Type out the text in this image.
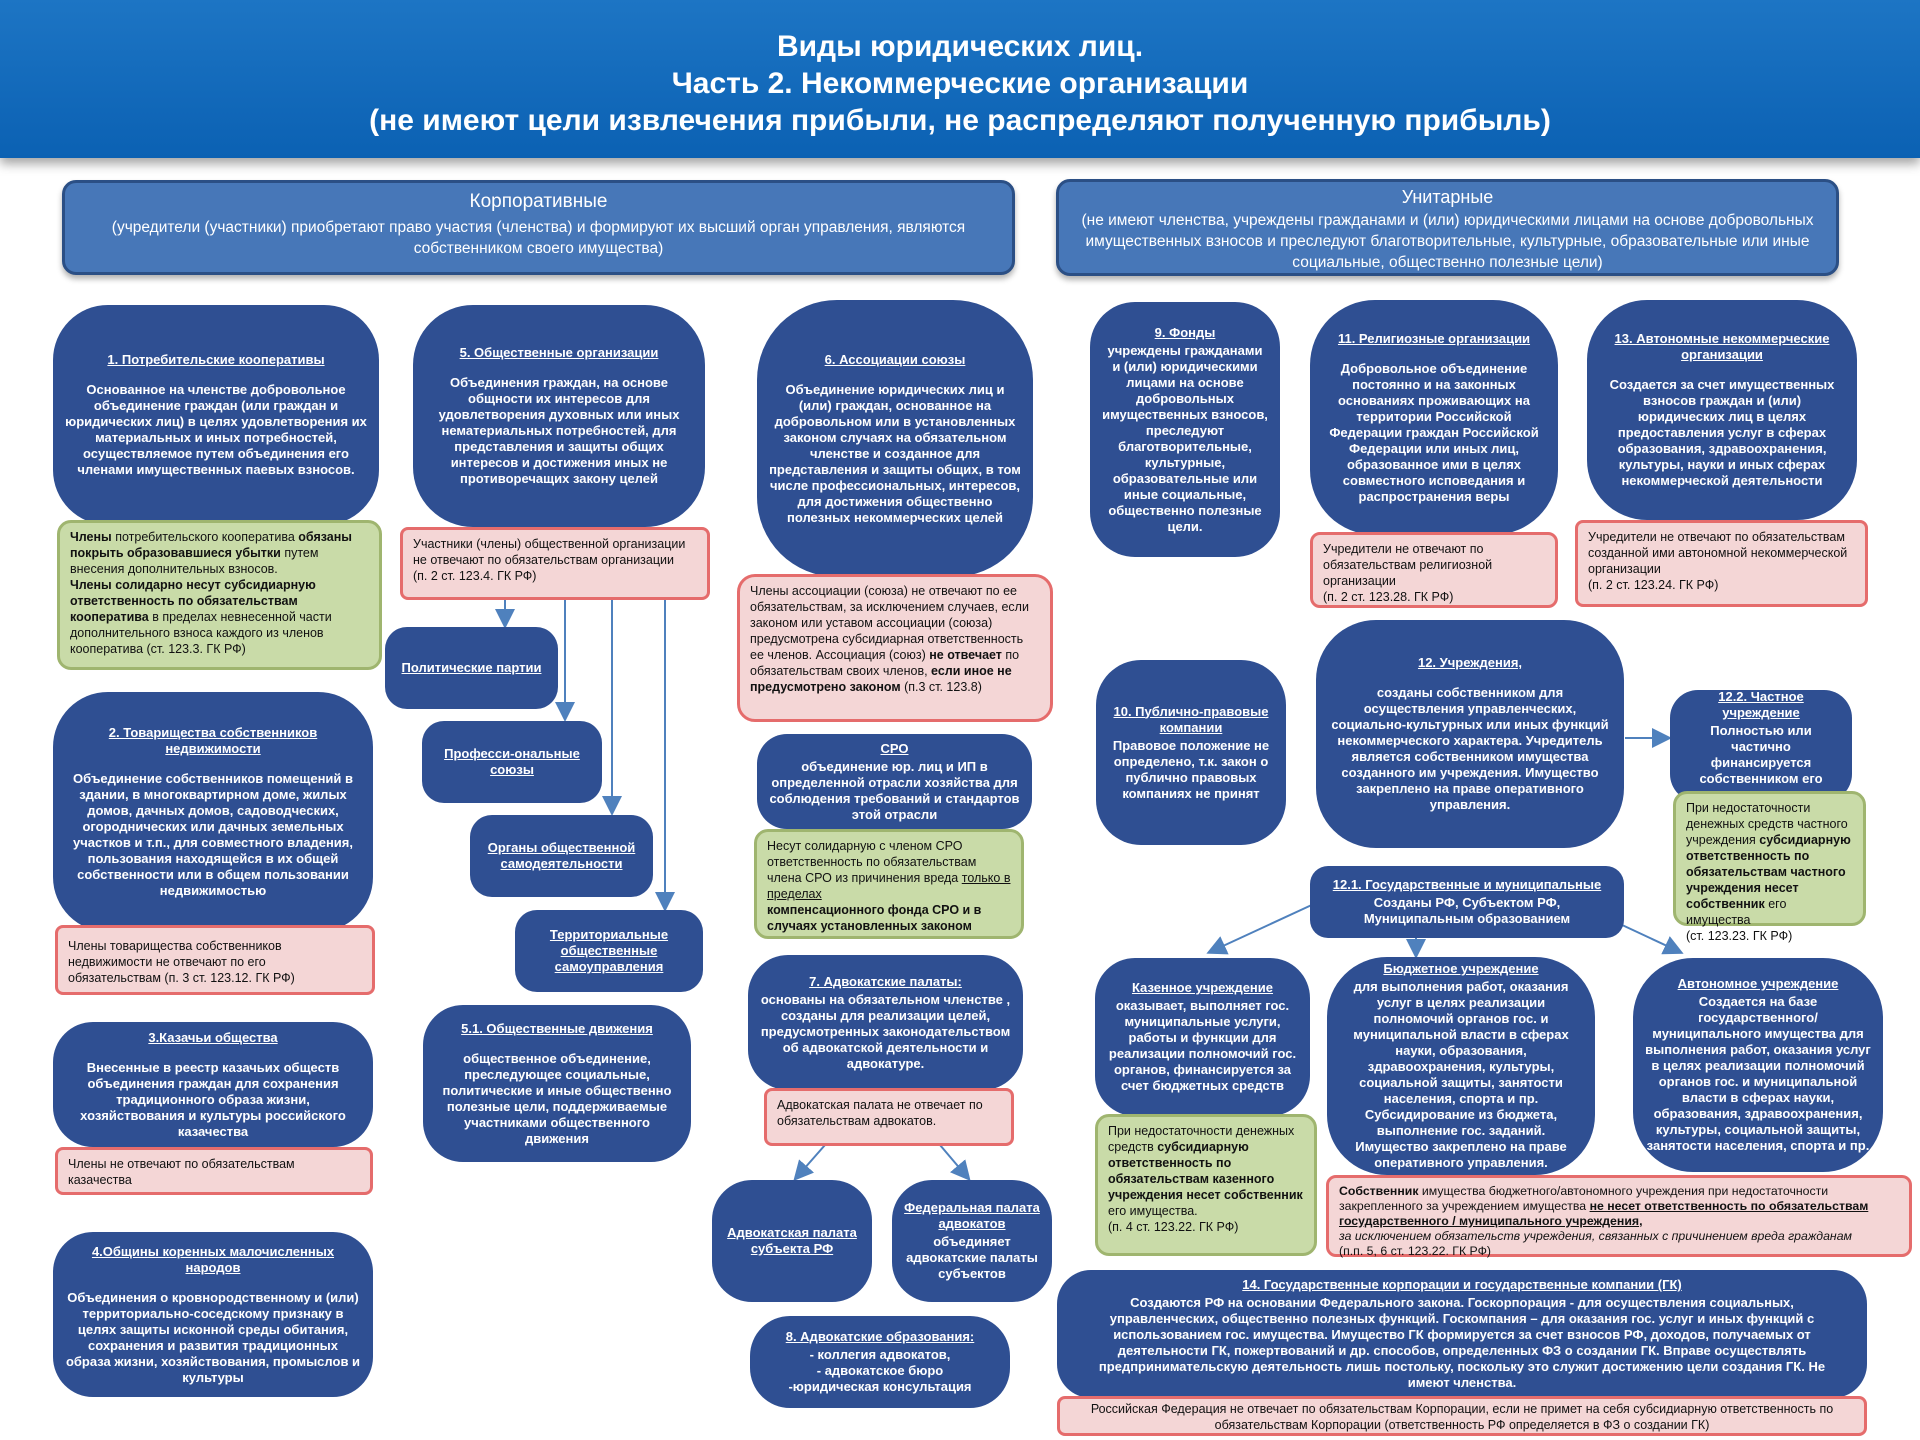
Виды юридических лиц.
Часть 2. Некоммерческие организации
(не имеют цели извлечения прибыли, не распределяют полученную прибыль)
Корпоративные
(учредители (участники) приобретают право участия (членства) и формируют их высший орган управления, являются собственником своего имущества)
Унитарные
(не имеют членства, учреждены гражданами и (или) юридическими лицами на основе добровольных имущественных взносов и преследуют благотворительные, культурные, образовательные или иные социальные, общественно полезные цели)
1. Потребительские кооперативы
Основанное на членстве добровольное объединение граждан (или граждан и юридических лиц) в целях удовлетворения их материальных и иных потребностей, осуществляемое путем объединения его членами имущественных паевых взносов.
Члены потребительского кооператива обязаны покрыть образовавшиеся убытки путем внесения дополнительных взносов.
Члены солидарно несут субсидиарную ответственность по обязательствам кооператива в пределах невнесенной части дополнительного взноса каждого из членов кооператива (ст. 123.3. ГК РФ)
2. Товарищества собственников недвижимости
Объединение собственников помещений в здании, в многоквартирном доме, жилых домов, дачных домов, садоводческих, огороднических или дачных земельных участков и т.п., для совместного владения, пользования находящейся в их общей собственности или в общем пользовании недвижимостью
Члены товарищества собственников недвижимости не отвечают по его обязательствам (п. 3 ст. 123.12. ГК РФ)
3.Казачьи общества
Внесенные в реестр казачьих обществ объединения граждан для сохранения традиционного образа жизни, хозяйствования и культуры российского казачества
Члены не отвечают по обязательствам казачества
4.Общины коренных малочисленных народов
Объединения о кровнородственному и (или) территориально-соседскому признаку в целях защиты исконной среды обитания, сохранения и развития традиционных образа жизни, хозяйствования, промыслов и культуры
5. Общественные организации
Объединения граждан, на основе общности их интересов для удовлетворения духовных или иных нематериальных потребностей, для представления и защиты общих интересов и достижения иных не противоречащих закону целей
Участники (члены) общественной организации не отвечают по обязательствам организации
(п. 2 ст. 123.4. ГК РФ)
Политические партии
Професси-ональные союзы
Органы общественной самодеятельности
Территориальные общественные самоуправления
5.1. Общественные движения
общественное объединение, преследующее социальные, политические и иные общественно полезные цели, поддерживаемые участниками общественного движения
6. Ассоциации союзы
Объединение юридических лиц и (или) граждан, основанное на добровольном или в установленных законом случаях на обязательном членстве и созданное для представления и защиты общих, в том числе профессиональных, интересов, для достижения общественно полезных некоммерческих целей
Члены ассоциации (союза) не отвечают по ее обязательствам, за исключением случаев, если законом или уставом ассоциации (союза) предусмотрена субсидиарная ответственность ее членов. Ассоциация (союз) не отвечает по обязательствам своих членов, если иное не предусмотрено законом (п.3 ст. 123.8)
СРО
объединение юр. лиц и ИП в определенной отрасли хозяйства для соблюдения требований и стандартов этой отрасли
Несут солидарную с членом СРО ответственность по обязательствам члена СРО из причинения вреда только в пределах
компенсационного фонда СРО и в случаях установленных законом
7. Адвокатские палаты:
основаны на обязательном членстве , созданы для реализации целей, предусмотренных законодательством об адвокатской деятельности и адвокатуре.
Адвокатская палата не отвечает по обязательствам адвокатов.
Адвокатская палата субъекта РФ
Федеральная палата адвокатов
объединяет адвокатские палаты субъектов
8. Адвокатские образования:
- коллегия адвокатов,
- адвокатское бюро
-юридическая консультация
9. Фонды
учреждены гражданами и (или) юридическими лицами на основе добровольных имущественных взносов, преследуют благотворительные, культурные, образовательные или иные социальные, общественно полезные цели.
10. Публично-правовые компании
Правовое положение не определено, т.к. закон о публично правовых компаниях не принят
11. Религиозные организации
Добровольное объединение постоянно и на законных основаниях проживающих на территории Российской Федерации граждан Российской Федерации или иных лиц, образованное ими в целях совместного исповедания и распространения веры
Учредители не отвечают по обязательствам религиозной организации
(п. 2 ст. 123.28. ГК РФ)
12. Учреждения,
созданы собственником для осуществления управленческих, социально-культурных или иных функций некоммерческого характера. Учредитель является собственником имущества созданного им учреждения. Имущество закреплено на праве оперативного управления.
12.1. Государственные и муниципальные
Созданы РФ, Субъектом РФ, Муниципальным образованием
13. Автономные некоммерческие организации
Создается за счет имущественных взносов граждан и (или) юридических лиц в целях предоставления услуг в сферах образования, здравоохранения, культуры, науки и иных сферах некоммерческой деятельности
Учредители не отвечают по обязательствам созданной ими автономной некоммерческой организации
(п. 2 ст. 123.24. ГК РФ)
12.2. Частное учреждение
Полностью или частично финансируется собственником его
При недостаточности денежных средств частного учреждения субсидиарную ответственность по обязательствам частного учреждения несет собственник его имущества
(ст. 123.23. ГК РФ)
Казенное учреждение
оказывает, выполняет гос. муниципальные услуги, работы и функции для реализации полномочий гос. органов, финансируется за счет бюджетных средств
При недостаточности денежных средств субсидиарную ответственность по обязательствам казенного учреждения несет собственник его имущества.
(п. 4 ст. 123.22. ГК РФ)
Бюджетное учреждение
для выполнения работ, оказания услуг в целях реализации полномочий органов гос. и муниципальной власти в сферах науки, образования, здравоохранения, культуры, социальной защиты, занятости населения, спорта и пр. Субсидирование из бюджета, выполнение гос. заданий. Имущество закреплено на праве оперативного управления.
Автономное учреждение
Создается на базе государственного/муниципального имущества для выполнения работ, оказания услуг в целях реализации полномочий органов гос. и муниципальной власти в сферах науки, образования, здравоохранения, культуры, социальной защиты, занятости населения, спорта и пр.
Собственник имущества бюджетного/автономного учреждения при недостаточности закрепленного за учреждением имущества не несет ответственность по обязательствам государственного / муниципального учреждения,
за исключением обязательств учреждения, связанных с причинением вреда гражданам
(п.п. 5, 6 ст. 123.22. ГК РФ)
14. Государственные корпорации и государственные компании (ГК)
Создаются РФ на основании Федерального закона. Госкорпорация - для осуществления социальных, управленческих, общественно полезных функций. Госкомпания – для оказания гос. услуг и иных функций с использованием гос. имущества. Имущество ГК формируется за счет взносов РФ, доходов, получаемых от деятельности ГК, пожертвований и др. способов, определенных ФЗ о создании ГК. Вправе осуществлять предпринимательскую деятельность лишь постольку, поскольку это служит достижению цели создания ГК. Не имеют членства.
Российская Федерация не отвечает по обязательствам Корпорации, если не примет на себя субсидиарную ответственность по обязательствам Корпорации (ответственность РФ определяется в ФЗ о создании ГК)
